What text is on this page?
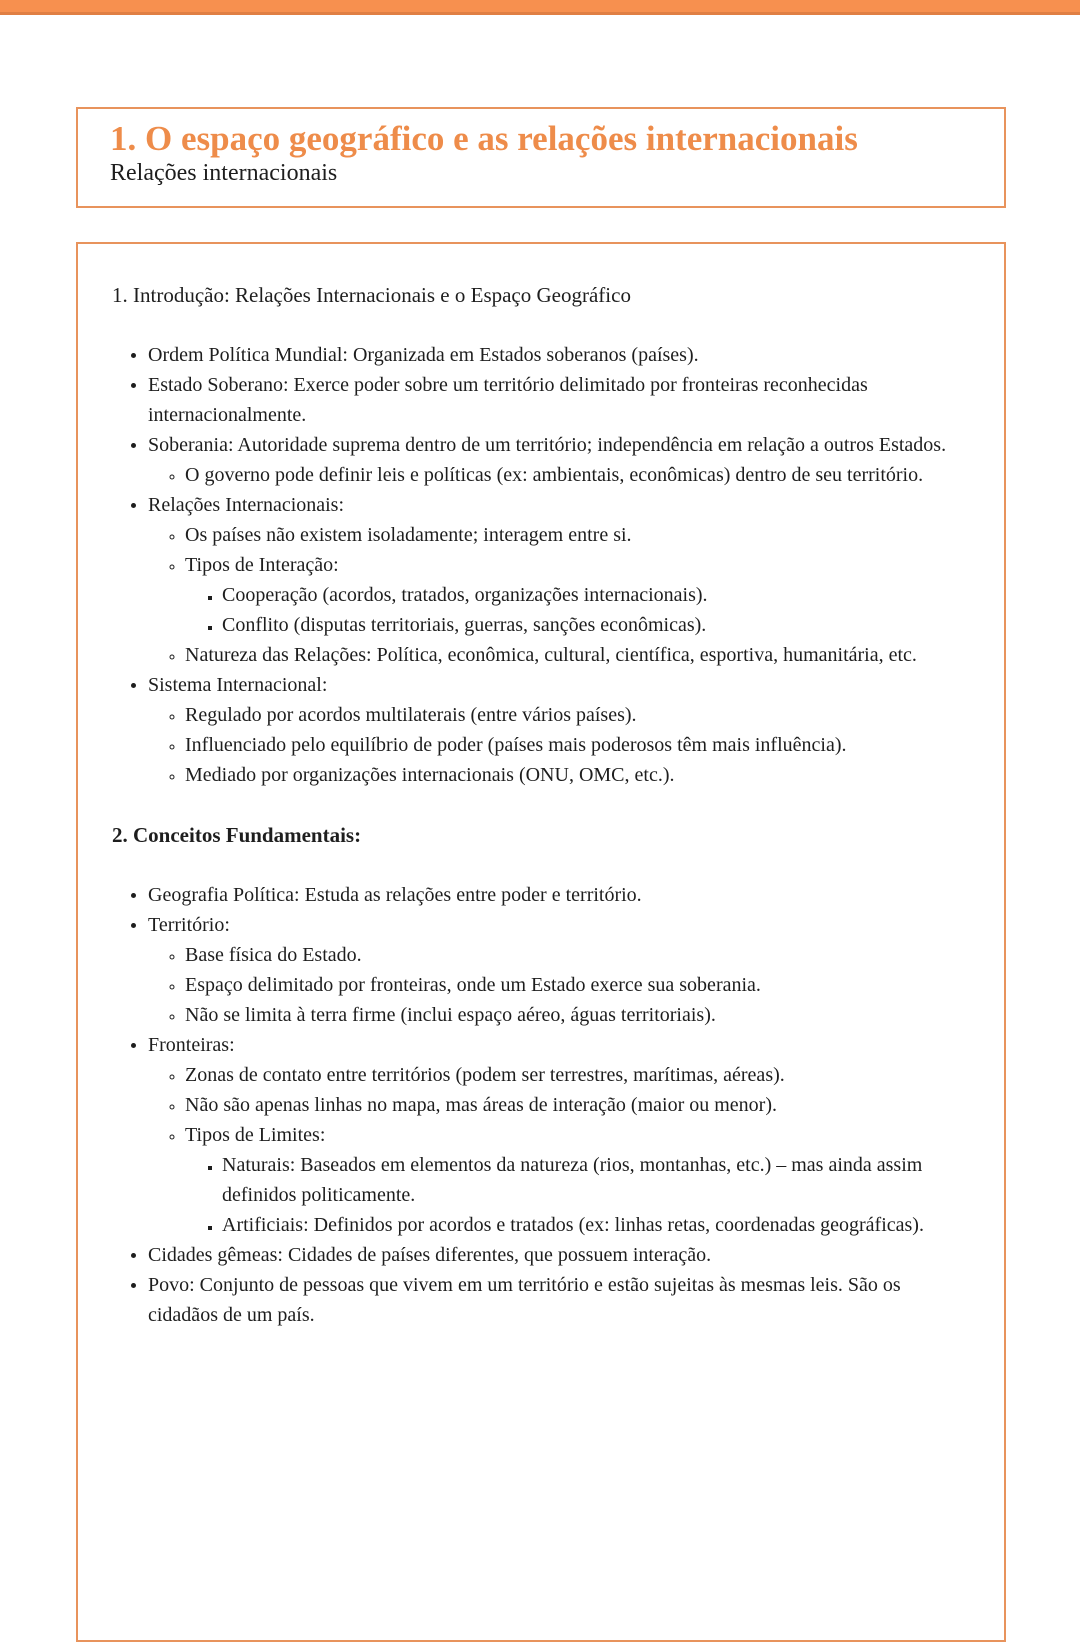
1. O espaço geográfico e as relações internacionais
Relações internacionais
1. Introdução: Relações Internacionais e o Espaço Geográfico
• Ordem Política Mundial: Organizada em Estados soberanos (países).
• Estado Soberano: Exerce poder sobre um território delimitado por fronteiras reconhecidas internacionalmente.
• Soberania: Autoridade suprema dentro de um território; independência em relação a outros Estados.
◦ O governo pode definir leis e políticas (ex: ambientais, econômicas) dentro de seu território.
• Relações Internacionais:
◦ Os países não existem isoladamente; interagem entre si.
◦ Tipos de Interação:
▪ Cooperação (acordos, tratados, organizações internacionais).
▪ Conflito (disputas territoriais, guerras, sanções econômicas).
◦ Natureza das Relações: Política, econômica, cultural, científica, esportiva, humanitária, etc.
• Sistema Internacional:
◦ Regulado por acordos multilaterais (entre vários países).
◦ Influenciado pelo equilíbrio de poder (países mais poderosos têm mais influência).
◦ Mediado por organizações internacionais (ONU, OMC, etc.).
2. Conceitos Fundamentais:
• Geografia Política: Estuda as relações entre poder e território.
• Território:
◦ Base física do Estado.
◦ Espaço delimitado por fronteiras, onde um Estado exerce sua soberania.
◦ Não se limita à terra firme (inclui espaço aéreo, águas territoriais).
• Fronteiras:
◦ Zonas de contato entre territórios (podem ser terrestres, marítimas, aéreas).
◦ Não são apenas linhas no mapa, mas áreas de interação (maior ou menor).
◦ Tipos de Limites:
▪ Naturais: Baseados em elementos da natureza (rios, montanhas, etc.) – mas ainda assim definidos politicamente.
▪ Artificiais: Definidos por acordos e tratados (ex: linhas retas, coordenadas geográficas).
• Cidades gêmeas: Cidades de países diferentes, que possuem interação.
• Povo: Conjunto de pessoas que vivem em um território e estão sujeitas às mesmas leis. São os cidadãos de um país.
